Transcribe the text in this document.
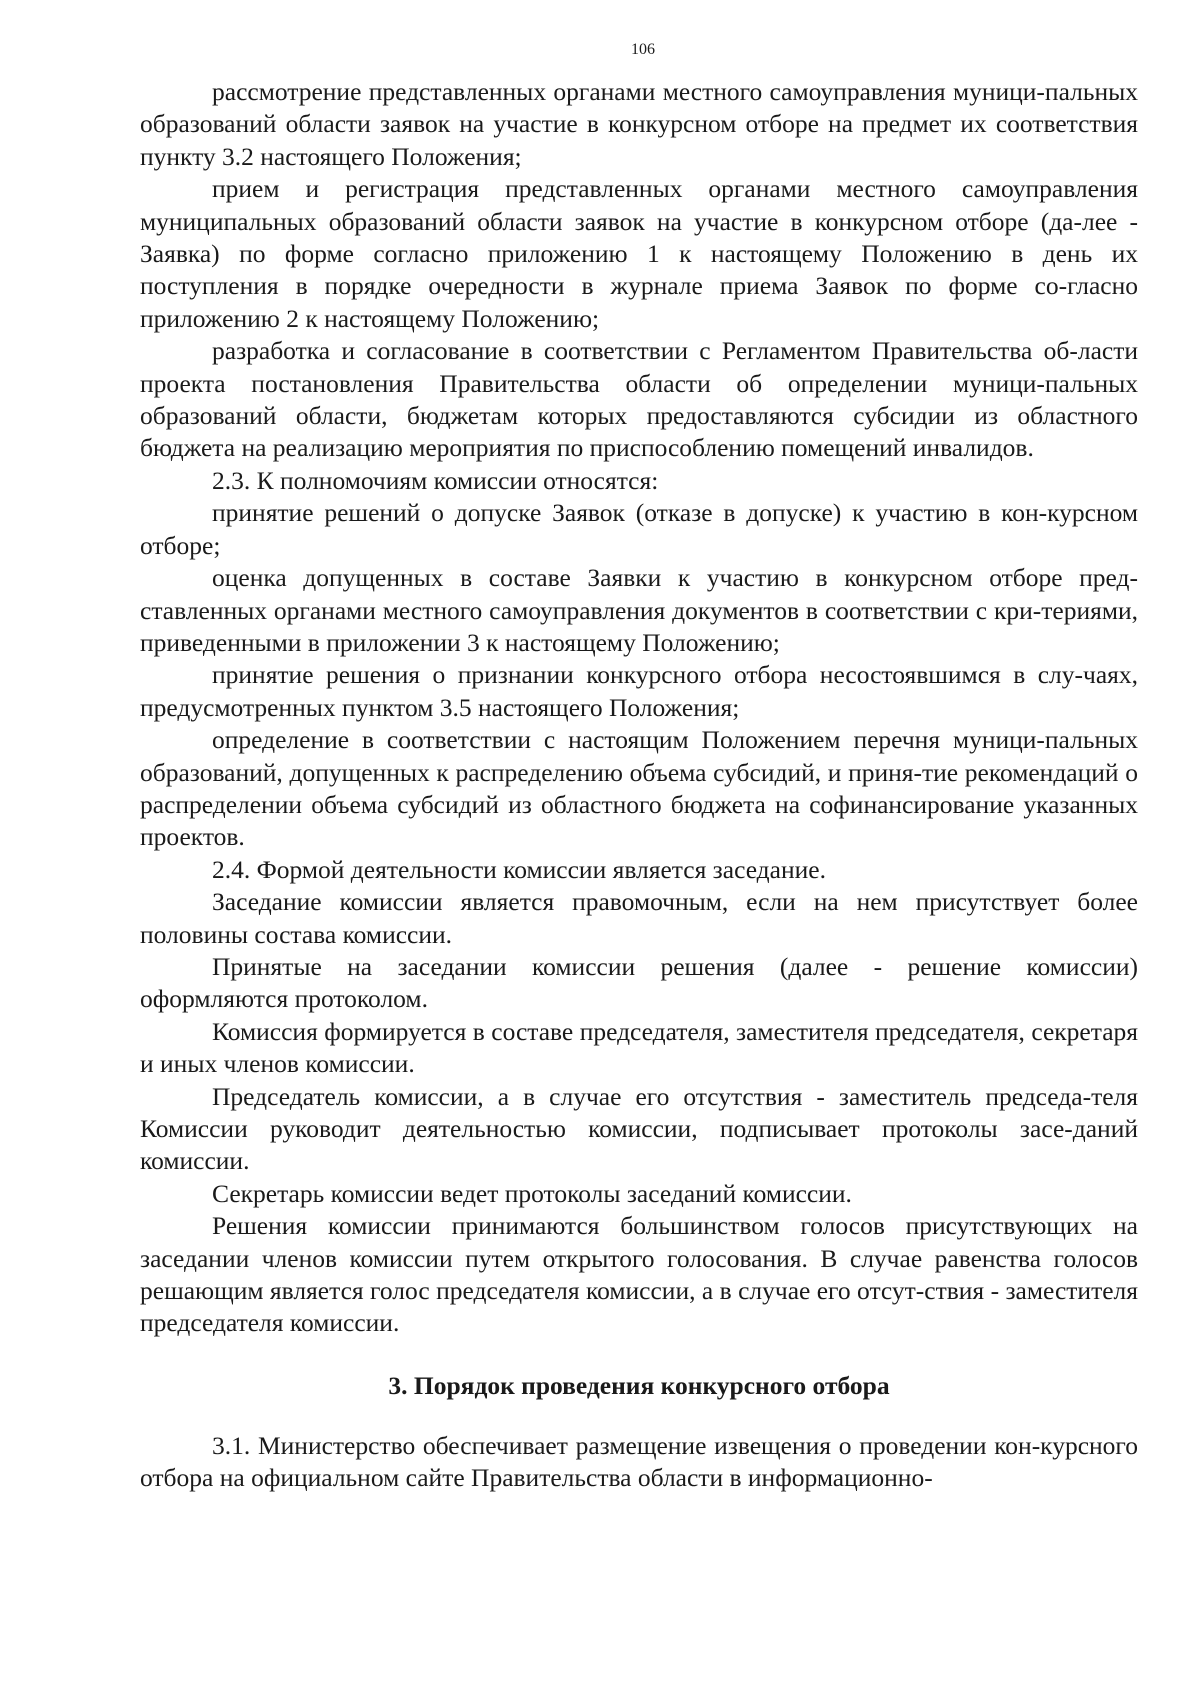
106

рассмотрение представленных органами местного самоуправления муници-пальных образований области заявок на участие в конкурсном отборе на предмет их соответствия пункту 3.2 настоящего Положения;

прием и регистрация представленных органами местного самоуправления муниципальных образований области заявок на участие в конкурсном отборе (да-лее - Заявка) по форме согласно приложению 1 к настоящему Положению в день их поступления в порядке очередности в журнале приема Заявок по форме со-гласно приложению 2 к настоящему Положению;

разработка и согласование в соответствии с Регламентом Правительства об-ласти проекта постановления Правительства области об определении муници-пальных образований области, бюджетам которых предоставляются субсидии из областного бюджета на реализацию мероприятия по приспособлению помещений инвалидов.

2.3. К полномочиям комиссии относятся:

принятие решений о допуске Заявок (отказе в допуске) к участию в кон-курсном отборе;

оценка допущенных в составе Заявки к участию в конкурсном отборе пред-ставленных органами местного самоуправления документов в соответствии с кри-териями, приведенными в приложении 3 к настоящему Положению;

принятие решения о признании конкурсного отбора несостоявшимся в слу-чаях, предусмотренных пунктом 3.5 настоящего Положения;

определение в соответствии с настоящим Положением перечня муници-пальных образований, допущенных к распределению объема субсидий, и приня-тие рекомендаций о распределении объема субсидий из областного бюджета на софинансирование указанных проектов.

2.4. Формой деятельности комиссии является заседание.

Заседание комиссии является правомочным, если на нем присутствует более половины состава комиссии.

Принятые на заседании комиссии решения (далее - решение комиссии) оформляются протоколом.

Комиссия формируется в составе председателя, заместителя председателя, секретаря и иных членов комиссии.

Председатель комиссии, а в случае его отсутствия - заместитель председа-теля Комиссии руководит деятельностью комиссии, подписывает протоколы засе-даний комиссии.

Секретарь комиссии ведет протоколы заседаний комиссии.

Решения комиссии принимаются большинством голосов присутствующих на заседании членов комиссии путем открытого голосования. В случае равенства голосов решающим является голос председателя комиссии, а в случае его отсут-ствия - заместителя председателя комиссии.

3. Порядок проведения конкурсного отбора

3.1. Министерство обеспечивает размещение извещения о проведении кон-курсного отбора на официальном сайте Правительства области в информационно-
